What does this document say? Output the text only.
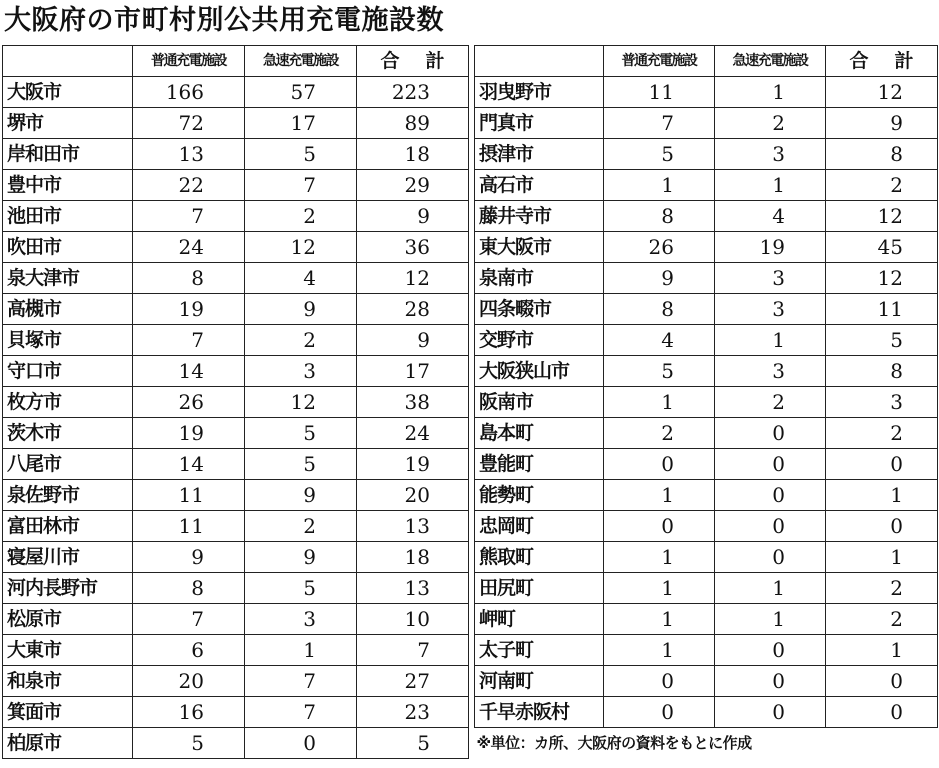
大阪府の市町村別公共用充電施設数
	普通充電施設	急速充電施設	合 計
大阪市	166	57	223
堺市	72	17	89
岸和田市	13	5	18
豊中市	22	7	29
池田市	7	2	9
吹田市	24	12	36
泉大津市	8	4	12
高槻市	19	9	28
貝塚市	7	2	9
守口市	14	3	17
枚方市	26	12	38
茨木市	19	5	24
八尾市	14	5	19
泉佐野市	11	9	20
富田林市	11	2	13
寝屋川市	9	9	18
河内長野市	8	5	13
松原市	7	3	10
大東市	6	1	7
和泉市	20	7	27
箕面市	16	7	23
柏原市	5	0	5
	普通充電施設	急速充電施設	合 計
羽曳野市	11	1	12
門真市	7	2	9
摂津市	5	3	8
高石市	1	1	2
藤井寺市	8	4	12
東大阪市	26	19	45
泉南市	9	3	12
四条畷市	8	3	11
交野市	4	1	5
大阪狭山市	5	3	8
阪南市	1	2	3
島本町	2	0	2
豊能町	0	0	0
能勢町	1	0	1
忠岡町	0	0	0
熊取町	1	0	1
田尻町	1	1	2
岬町	1	1	2
太子町	1	0	1
河南町	0	0	0
千早赤阪村	0	0	0
※単位：カ所、大阪府の資料をもとに作成			
